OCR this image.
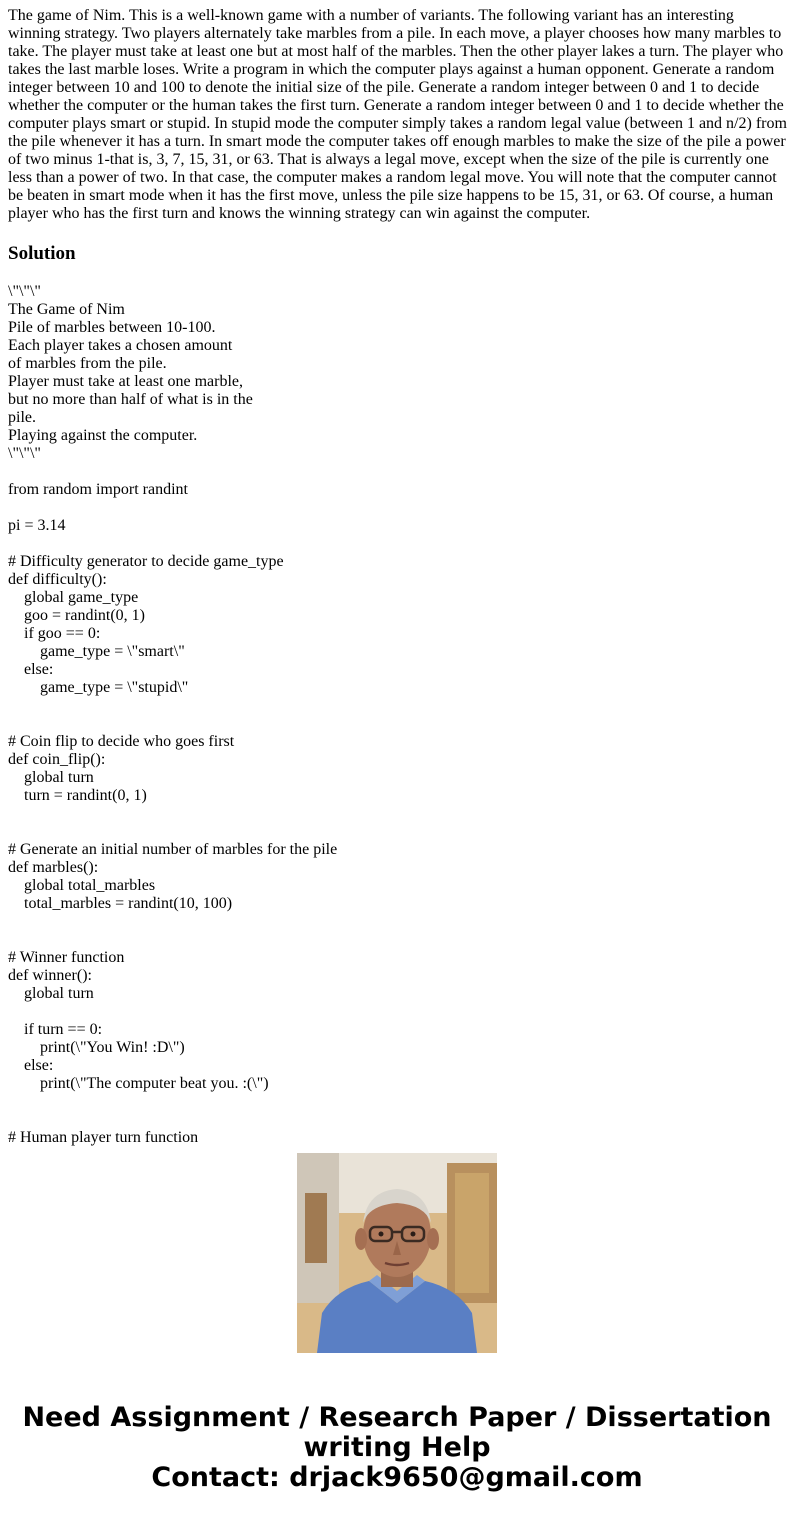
The game of Nim. This is a well-known game with a number of variants. The following variant has an interesting winning strategy. Two players alternately take marbles from a pile. In each move, a player chooses how many marbles to take. The player must take at least one but at most half of the marbles. Then the other player lakes a turn. The player who takes the last marble loses. Write a program in which the computer plays against a human opponent. Generate a random integer between 10 and 100 to denote the initial size of the pile. Generate a random integer between 0 and 1 to decide whether the computer or the human takes the first turn. Generate a random integer between 0 and 1 to decide whether the computer plays smart or stupid. In stupid mode the computer simply takes a random legal value (between 1 and n/2) from the pile whenever it has a turn. In smart mode the computer takes off enough marbles to make the size of the pile a power of two minus 1-that is, 3, 7, 15, 31, or 63. That is always a legal move, except when the size of the pile is currently one less than a power of two. In that case, the computer makes a random legal move. You will note that the computer cannot be beaten in smart mode when it has the first move, unless the pile size happens to be 15, 31, or 63. Of course, a human player who has the first turn and knows the winning strategy can win against the computer.

Solution
\"\"\"
The Game of Nim
Pile of marbles between 10-100.
Each player takes a chosen amount
of marbles from the pile.
Player must take at least one marble,
but no more than half of what is in the
pile.
Playing against the computer.
\"\"\"

from random import randint

pi = 3.14

# Difficulty generator to decide game_type
def difficulty():
global game_type
goo = randint(0, 1)
if goo == 0:
game_type = \"smart\"
else:
game_type = \"stupid\"

# Coin flip to decide who goes first
def coin_flip():
global turn
turn = randint(0, 1)

# Generate an initial number of marbles for the pile
def marbles():
global total_marbles
total_marbles = randint(10, 100)

# Winner function
def winner():
global turn

if turn == 0:
print(\"You Win! :D\")
else:
print(\"The computer beat you. :(\")

# Human player turn function
Need Assignment / Research Paper / Dissertation
writing Help
Contact: drjack9650@gmail.com
